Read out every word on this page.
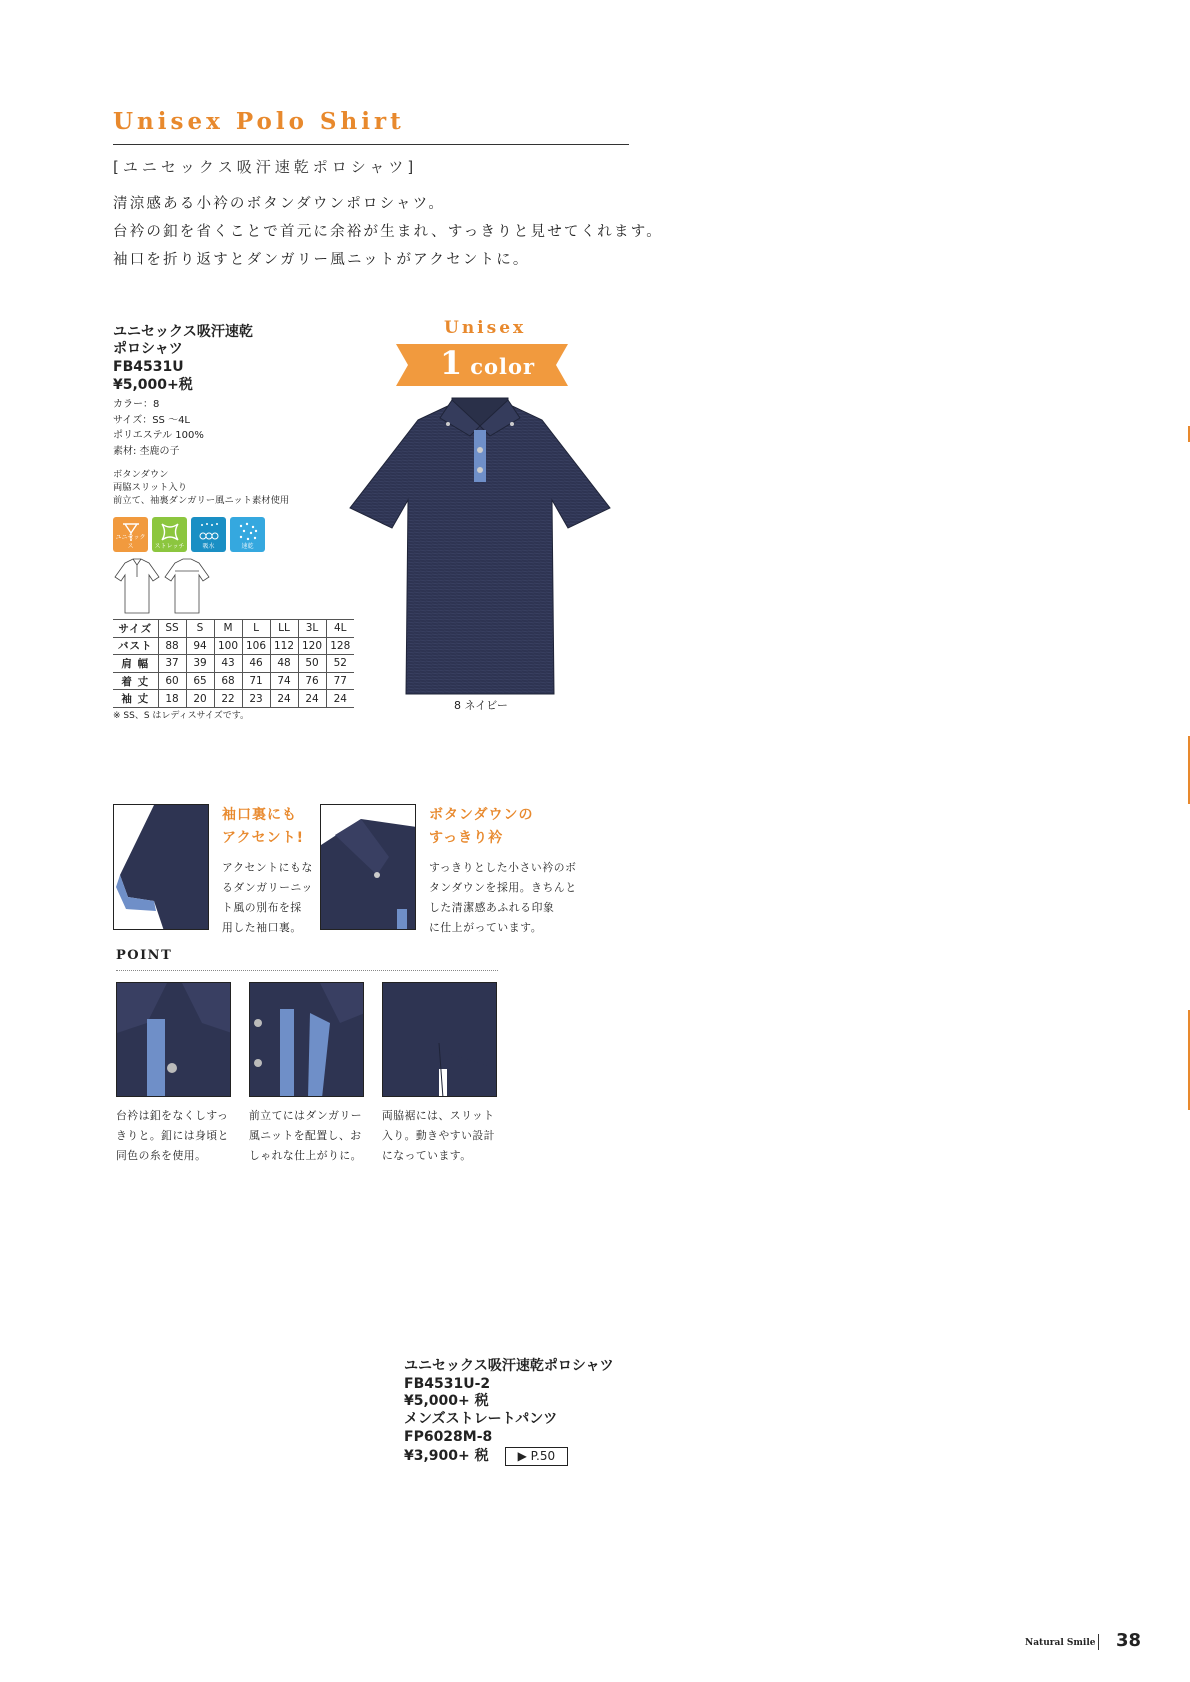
Unisex Polo Shirt
[ユニセックス吸汗速乾ポロシャツ]
清涼感ある小衿のボタンダウンポロシャツ。
台衿の釦を省くことで首元に余裕が生まれ、すっきりと見せてくれます。
袖口を折り返すとダンガリー風ニットがアクセントに。
ユニセックス吸汗速乾
ポロシャツ
FB4531U
¥5,000+税
カラー：8
サイズ：SS ～4L
ポリエステル 100%
素材: 杢鹿の子
ボタンダウン
両脇スリット入り
前立て、袖裏ダンガリー風ニット素材使用
ユニセックス	ストレッチ	吸水	速乾
サイズ	SS	S	M	L	LL	3L	4L
バスト	88	94	100	106	112	120	128
肩 幅	37	39	43	46	48	50	52
着 丈	60	65	68	71	74	76	77
袖 丈	18	20	22	23	24	24	24
※ SS、S はレディスサイズです。
Unisex
1 color
8 ネイビー
袖口裏にも
アクセント!
アクセントにもな
るダンガリーニッ
ト風の別布を採
用した袖口裏。
ボタンダウンの
すっきり衿
すっきりとした小さい衿のボ
タンダウンを採用。きちんと
した清潔感あふれる印象
に仕上がっています。
POINT
台衿は釦をなくしすっ
きりと。釦には身頃と
同色の糸を使用。
前立てにはダンガリー
風ニットを配置し、お
しゃれな仕上がりに。
両脇裾には、スリット
入り。動きやすい設計
になっています。
ユニセックス吸汗速乾ポロシャツ
FB4531U-2
¥5,000+ 税
メンズストレートパンツ
FP6028M-8
¥3,900+ 税 ▶ P.50
Natural Smile 38
